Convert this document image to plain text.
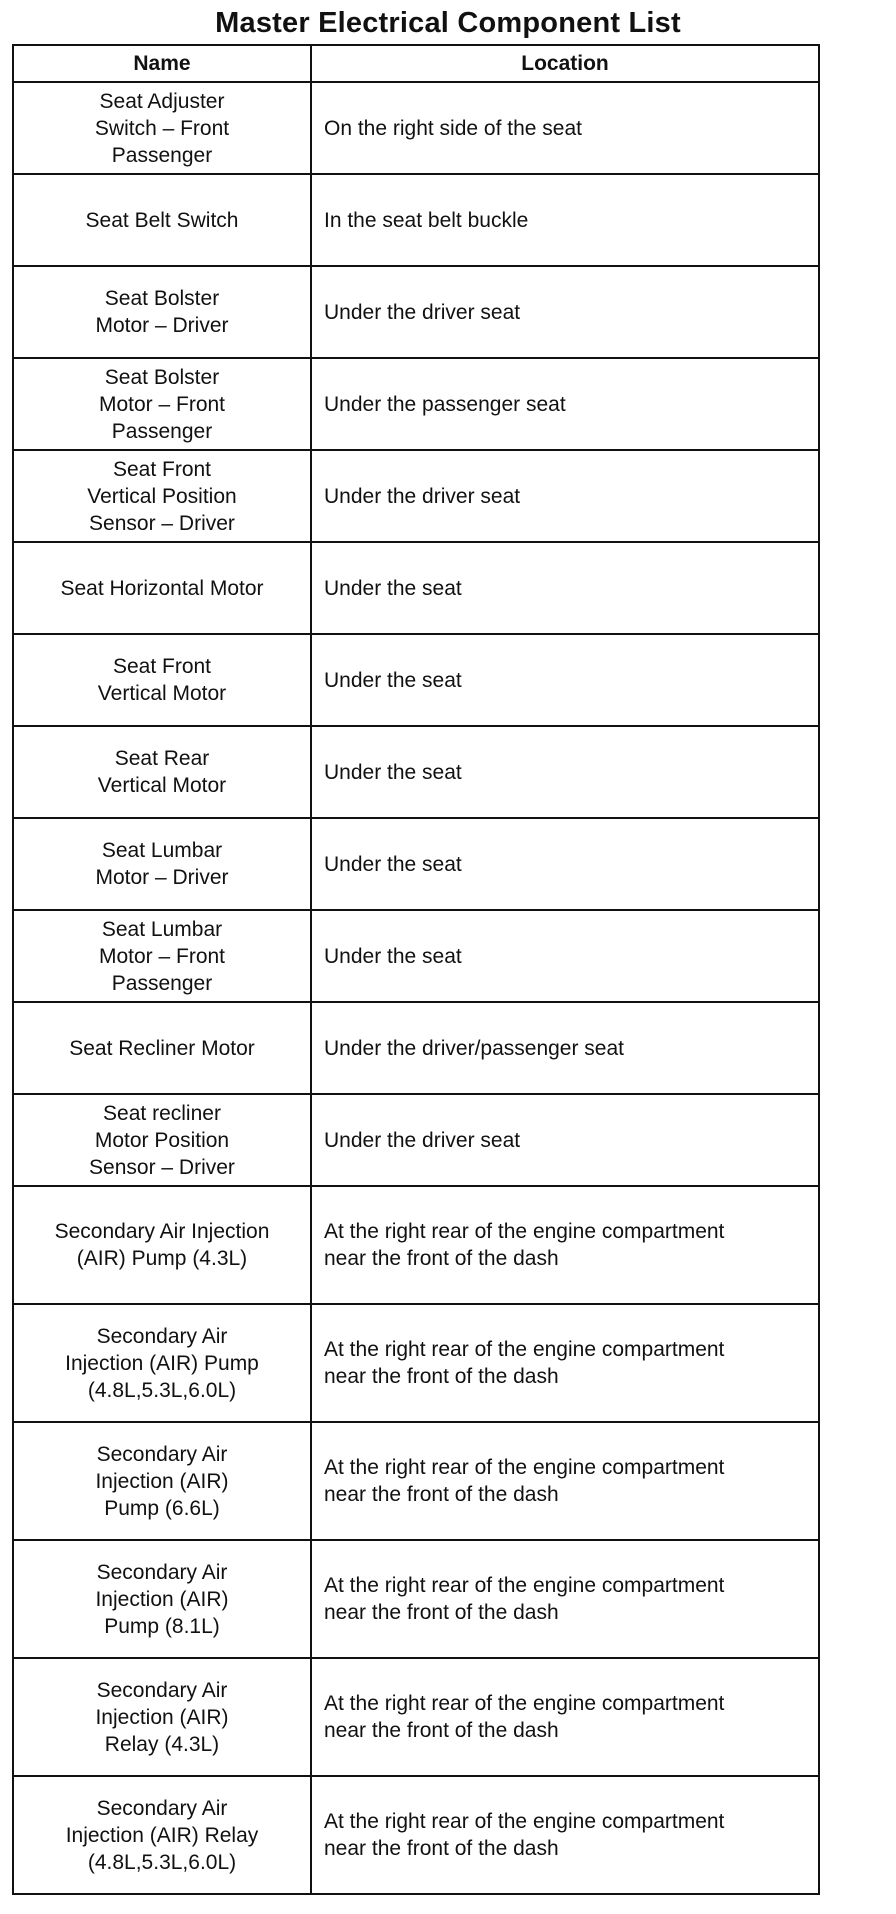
Master Electrical Component List
Name	Location
Seat Adjuster
Switch – Front
Passenger	On the right side of the seat
Seat Belt Switch	In the seat belt buckle
Seat Bolster
Motor – Driver	Under the driver seat
Seat Bolster
Motor – Front
Passenger	Under the passenger seat
Seat Front
Vertical Position
Sensor – Driver	Under the driver seat
Seat Horizontal Motor	Under the seat
Seat Front
Vertical Motor	Under the seat
Seat Rear
Vertical Motor	Under the seat
Seat Lumbar
Motor – Driver	Under the seat
Seat Lumbar
Motor – Front
Passenger	Under the seat
Seat Recliner Motor	Under the driver/passenger seat
Seat recliner
Motor Position
Sensor – Driver	Under the driver seat
Secondary Air Injection
(AIR) Pump (4.3L)	At the right rear of the engine compartment
near the front of the dash
Secondary Air
Injection (AIR) Pump
(4.8L,5.3L,6.0L)	At the right rear of the engine compartment
near the front of the dash
Secondary Air
Injection (AIR)
Pump (6.6L)	At the right rear of the engine compartment
near the front of the dash
Secondary Air
Injection (AIR)
Pump (8.1L)	At the right rear of the engine compartment
near the front of the dash
Secondary Air
Injection (AIR)
Relay (4.3L)	At the right rear of the engine compartment
near the front of the dash
Secondary Air
Injection (AIR) Relay
(4.8L,5.3L,6.0L)	At the right rear of the engine compartment
near the front of the dash
